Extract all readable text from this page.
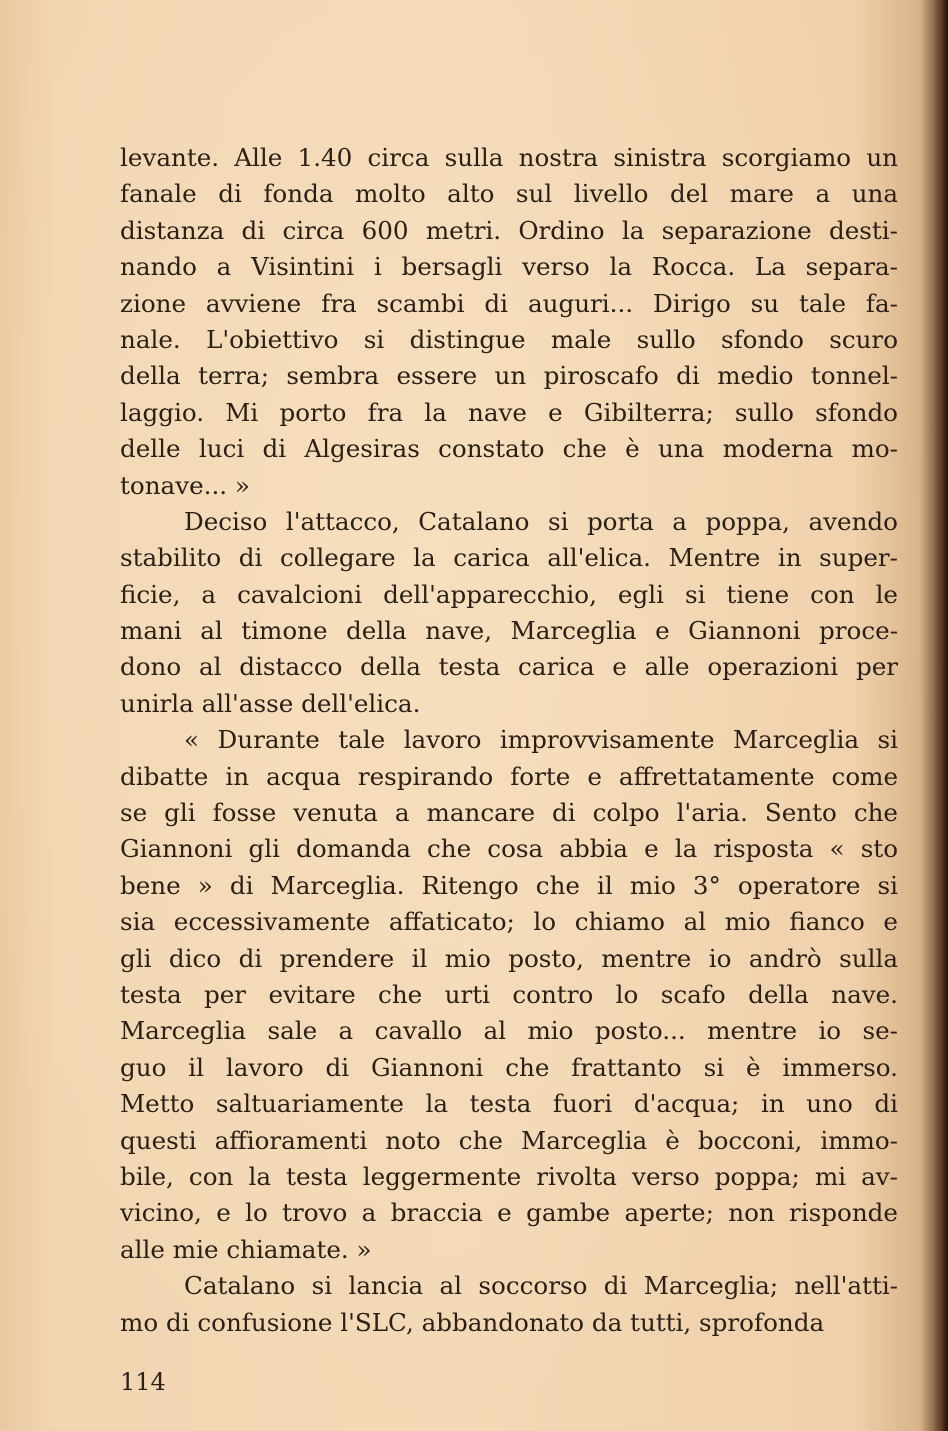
levante. Alle 1.40 circa sulla nostra sinistra scorgiamo un
fanale di fonda molto alto sul livello del mare a una
distanza di circa 600 metri. Ordino la separazione desti-
nando a Visintini i bersagli verso la Rocca. La separa-
zione avviene fra scambi di auguri... Dirigo su tale fa-
nale. L'obiettivo si distingue male sullo sfondo scuro
della terra; sembra essere un piroscafo di medio tonnel-
laggio. Mi porto fra la nave e Gibilterra; sullo sfondo
delle luci di Algesiras constato che è una moderna mo-
tonave... »
Deciso l'attacco, Catalano si porta a poppa, avendo
stabilito di collegare la carica all'elica. Mentre in super-
ficie, a cavalcioni dell'apparecchio, egli si tiene con le
mani al timone della nave, Marceglia e Giannoni proce-
dono al distacco della testa carica e alle operazioni per
unirla all'asse dell'elica.
« Durante tale lavoro improvvisamente Marceglia si
dibatte in acqua respirando forte e affrettatamente come
se gli fosse venuta a mancare di colpo l'aria. Sento che
Giannoni gli domanda che cosa abbia e la risposta « sto
bene » di Marceglia. Ritengo che il mio 3° operatore si
sia eccessivamente affaticato; lo chiamo al mio fianco e
gli dico di prendere il mio posto, mentre io andrò sulla
testa per evitare che urti contro lo scafo della nave.
Marceglia sale a cavallo al mio posto... mentre io se-
guo il lavoro di Giannoni che frattanto si è immerso.
Metto saltuariamente la testa fuori d'acqua; in uno di
questi affioramenti noto che Marceglia è bocconi, immo-
bile, con la testa leggermente rivolta verso poppa; mi av-
vicino, e lo trovo a braccia e gambe aperte; non risponde
alle mie chiamate. »
Catalano si lancia al soccorso di Marceglia; nell'atti-
mo di confusione l'SLC, abbandonato da tutti, sprofonda
114
